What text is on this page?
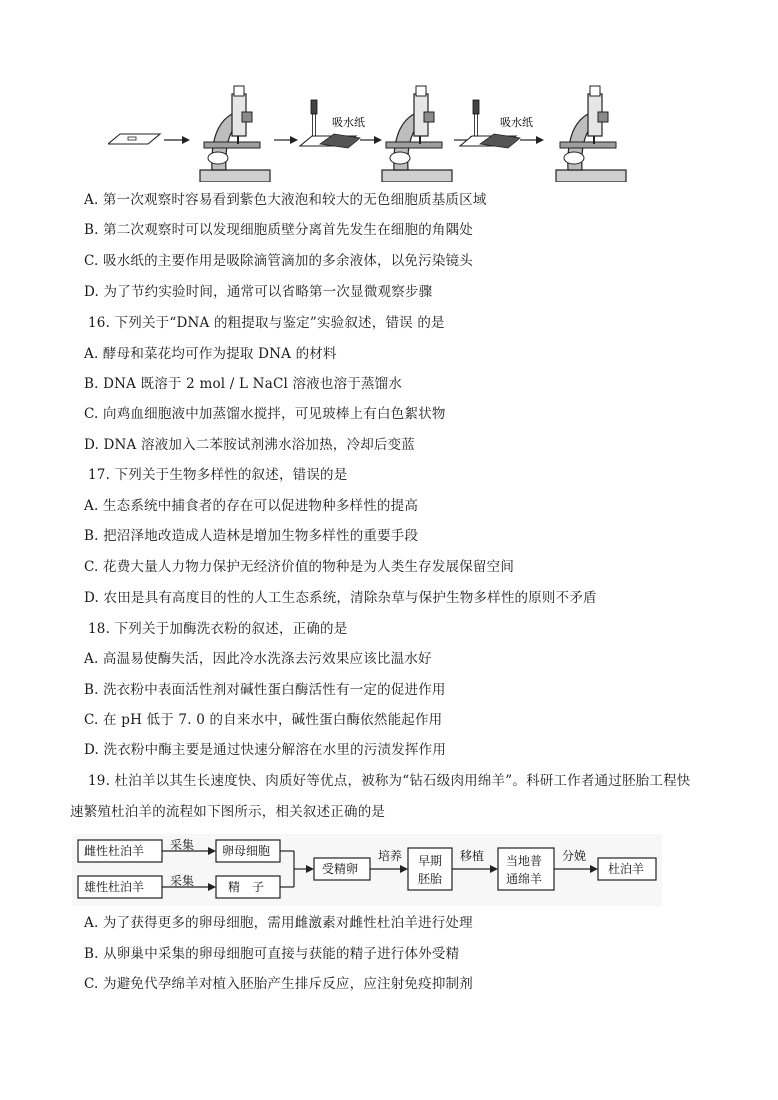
吸水纸	吸水纸
A. 第一次观察时容易看到紫色大液泡和较大的无色细胞质基质区域
B. 第二次观察时可以发现细胞质壁分离首先发生在细胞的角隅处
C. 吸水纸的主要作用是吸除滴管滴加的多余液体，以免污染镜头
D. 为了节约实验时间，通常可以省略第一次显微观察步骤
16. 下列关于“DNA 的粗提取与鉴定”实验叙述，错误 的是
A. 酵母和菜花均可作为提取 DNA 的材料
B. DNA 既溶于 2 mol / L NaCl 溶液也溶于蒸馏水
C. 向鸡血细胞液中加蒸馏水搅拌，可见玻棒上有白色絮状物
D. DNA 溶液加入二苯胺试剂沸水浴加热，冷却后变蓝
17. 下列关于生物多样性的叙述，错误的是
A. 生态系统中捕食者的存在可以促进物种多样性的提高
B. 把沼泽地改造成人造林是增加生物多样性的重要手段
C. 花费大量人力物力保护无经济价值的物种是为人类生存发展保留空间
D. 农田是具有高度目的性的人工生态系统，清除杂草与保护生物多样性的原则不矛盾
18. 下列关于加酶洗衣粉的叙述，正确的是
A. 高温易使酶失活，因此冷水洗涤去污效果应该比温水好
B. 洗衣粉中表面活性剂对碱性蛋白酶活性有一定的促进作用
C. 在 pH 低于 7. 0 的自来水中，碱性蛋白酶依然能起作用
D. 洗衣粉中酶主要是通过快速分解溶在水里的污渍发挥作用
19. 杜泊羊以其生长速度快、肉质好等优点，被称为“钻石级肉用绵羊”。科研工作者通过胚胎工程快
速繁殖杜泊羊的流程如下图所示，相关叙述正确的是
雌性杜泊羊 采集 卵母细胞
雄性杜泊羊 采集	精　子
受精卵
培养 早期
胚胎
移植 当地普
通绵羊
分娩
杜泊羊
A. 为了获得更多的卵母细胞，需用雌激素对雌性杜泊羊进行处理
B. 从卵巢中采集的卵母细胞可直接与获能的精子进行体外受精
C. 为避免代孕绵羊对植入胚胎产生排斥反应，应注射免疫抑制剂
